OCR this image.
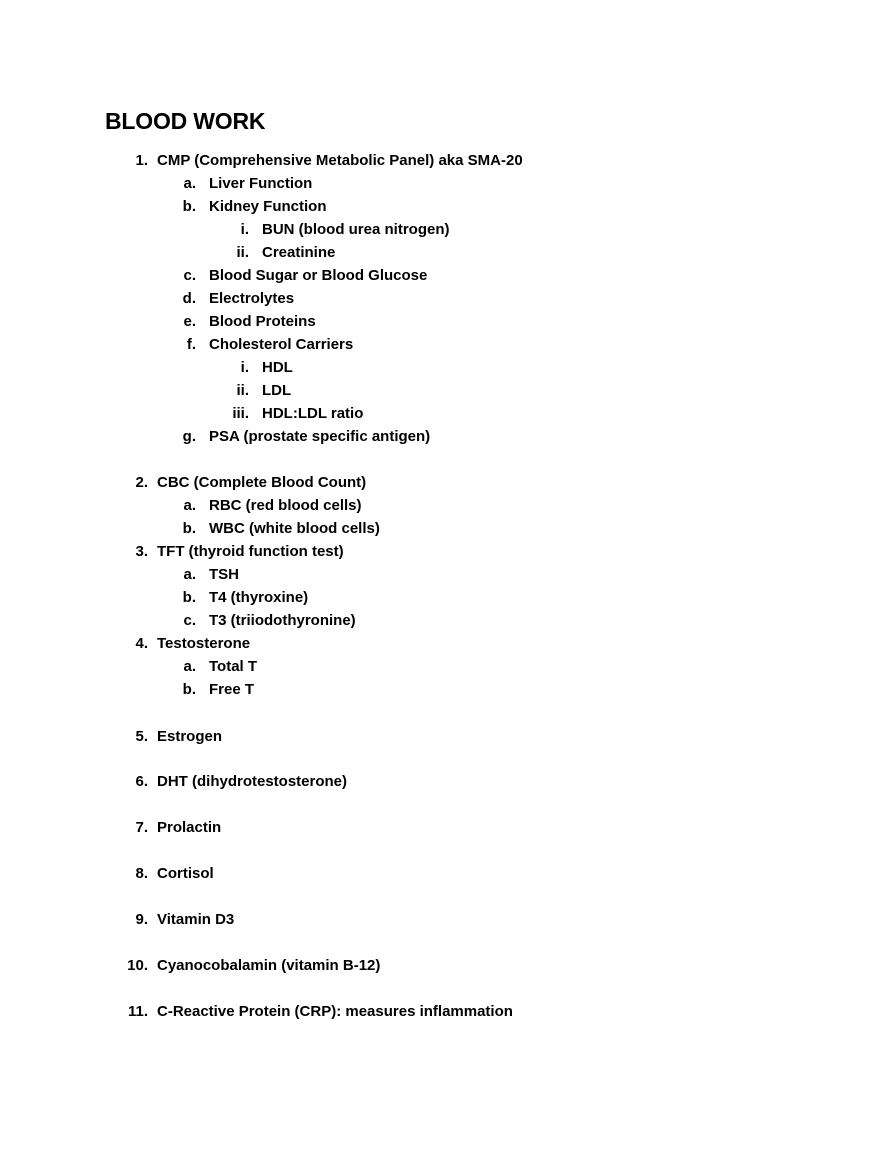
BLOOD WORK
1. CMP (Comprehensive Metabolic Panel) aka SMA-20
a. Liver Function
b. Kidney Function
i. BUN (blood urea nitrogen)
ii. Creatinine
c. Blood Sugar or Blood Glucose
d. Electrolytes
e. Blood Proteins
f. Cholesterol Carriers
i. HDL
ii. LDL
iii. HDL:LDL ratio
g. PSA (prostate specific antigen)
2. CBC (Complete Blood Count)
a. RBC (red blood cells)
b. WBC (white blood cells)
3. TFT (thyroid function test)
a. TSH
b. T4 (thyroxine)
c. T3 (triiodothyronine)
4. Testosterone
a. Total T
b. Free T
5. Estrogen
6. DHT (dihydrotestosterone)
7. Prolactin
8. Cortisol
9. Vitamin D3
10. Cyanocobalamin (vitamin B-12)
11. C-Reactive Protein (CRP): measures inflammation
